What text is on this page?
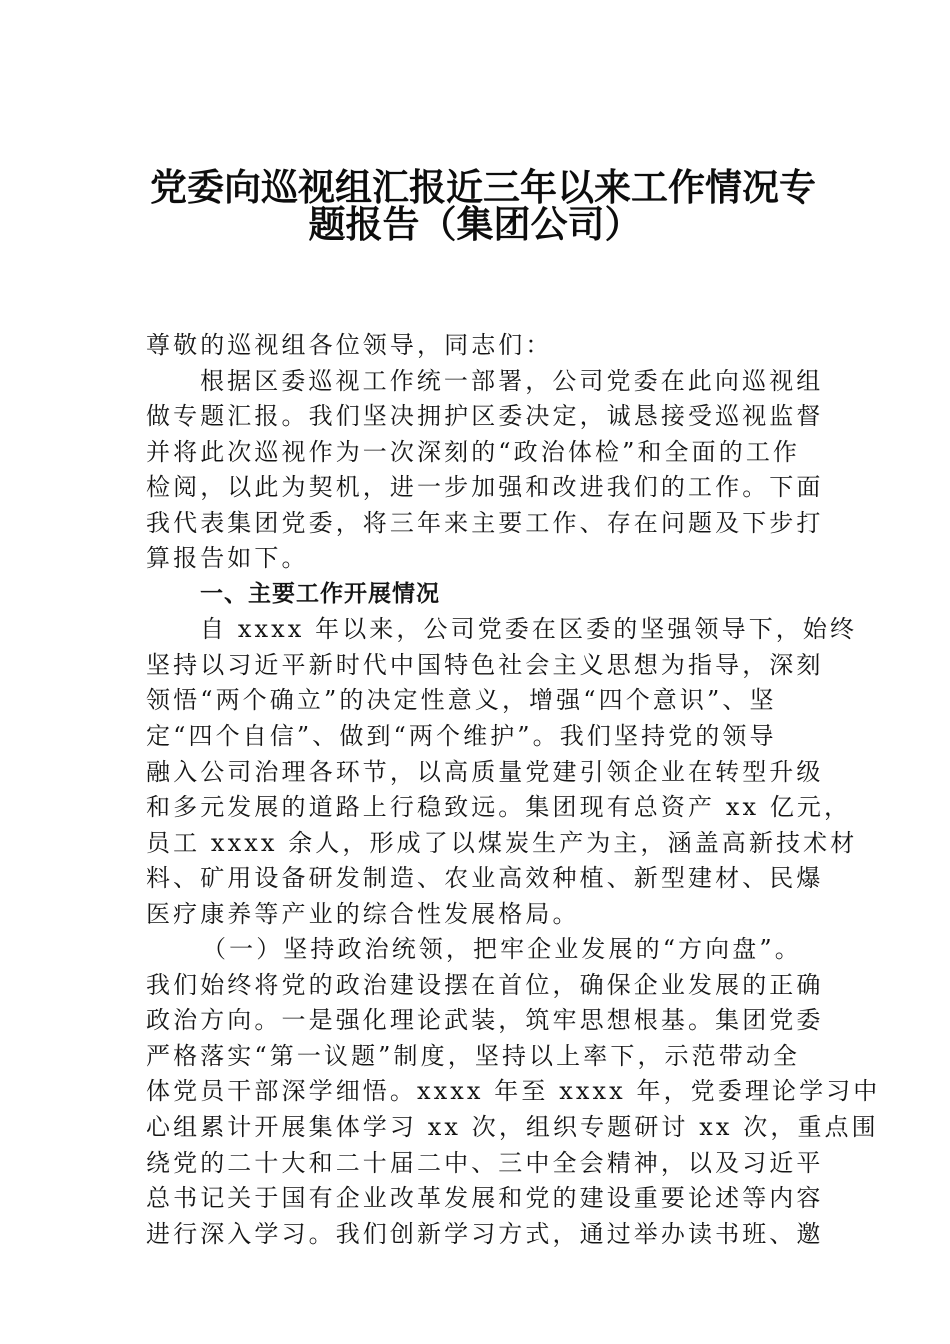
党委向巡视组汇报近三年以来工作情况专
题报告（集团公司）
尊敬的巡视组各位领导，同志们：
根据区委巡视工作统一部署，公司党委在此向巡视组
做专题汇报。我们坚决拥护区委决定，诚恳接受巡视监督
并将此次巡视作为一次深刻的“政治体检”和全面的工作
检阅，以此为契机，进一步加强和改进我们的工作。下面
我代表集团党委，将三年来主要工作、存在问题及下步打
算报告如下。
一、主要工作开展情况
自 xxxx 年以来，公司党委在区委的坚强领导下，始终
坚持以习近平新时代中国特色社会主义思想为指导，深刻
领悟“两个确立”的决定性意义，增强“四个意识”、坚
定“四个自信”、做到“两个维护”。我们坚持党的领导
融入公司治理各环节，以高质量党建引领企业在转型升级
和多元发展的道路上行稳致远。集团现有总资产 xx 亿元，
员工 xxxx 余人，形成了以煤炭生产为主，涵盖高新技术材
料、矿用设备研发制造、农业高效种植、新型建材、民爆
医疗康养等产业的综合性发展格局。
（一）坚持政治统领，把牢企业发展的“方向盘”。
我们始终将党的政治建设摆在首位，确保企业发展的正确
政治方向。一是强化理论武装，筑牢思想根基。集团党委
严格落实“第一议题”制度，坚持以上率下，示范带动全
体党员干部深学细悟。xxxx 年至 xxxx 年，党委理论学习中
心组累计开展集体学习 xx 次，组织专题研讨 xx 次，重点围
绕党的二十大和二十届二中、三中全会精神，以及习近平
总书记关于国有企业改革发展和党的建设重要论述等内容
进行深入学习。我们创新学习方式，通过举办读书班、邀
